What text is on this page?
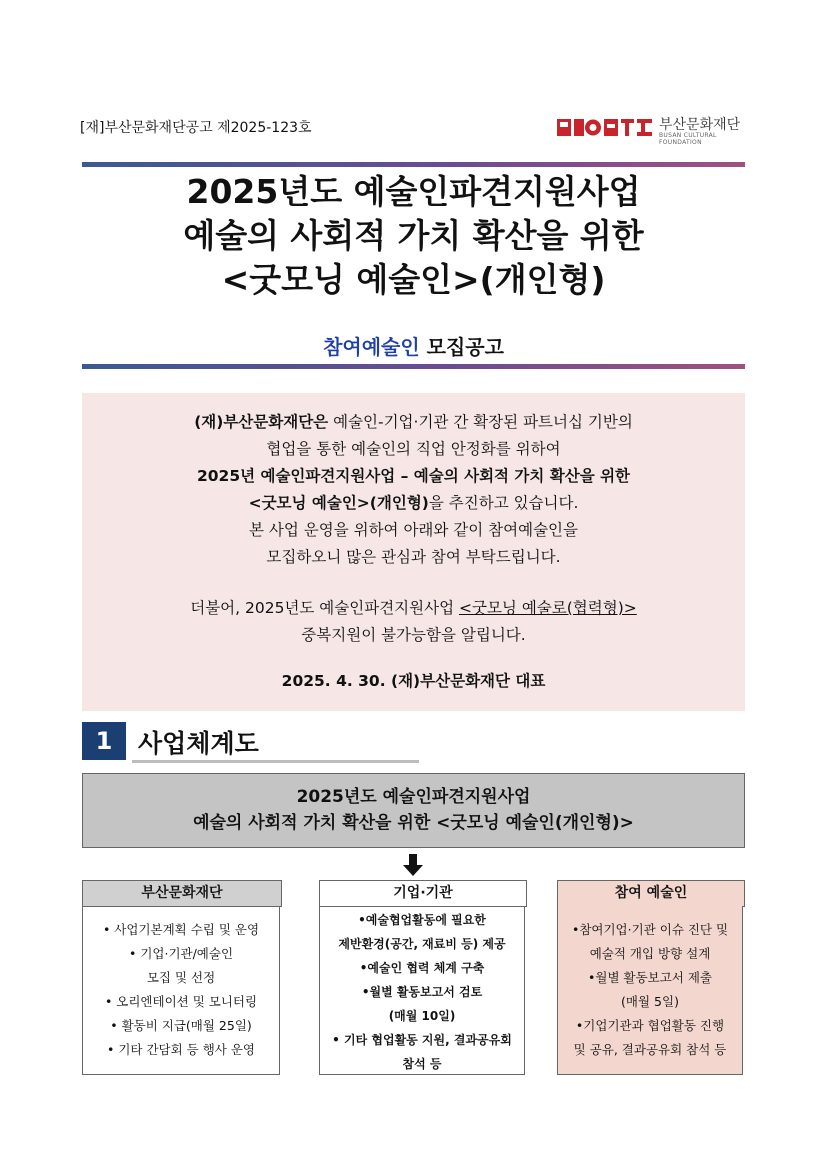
[재]부산문화재단공고 제2025-123호	부산문화재단
BUSAN CULTURAL FOUNDATION
2025년도 예술인파견지원사업
예술의 사회적 가치 확산을 위한
<굿모닝 예술인>(개인형)
참여예술인 모집공고

(재)부산문화재단은 예술인-기업·기관 간 확장된 파트너십 기반의

협업을 통한 예술인의 직업 안정화를 위하여

2025년 예술인파견지원사업 – 예술의 사회적 가치 확산을 위한

<굿모닝 예술인>(개인형)을 추진하고 있습니다.

본 사업 운영을 위하여 아래와 같이 참여예술인을

모집하오니 많은 관심과 참여 부탁드립니다.

더불어, 2025년도 예술인파견지원사업 <굿모닝 예술로(협력형)>

중복지원이 불가능함을 알립니다.

2025. 4. 30. (재)부산문화재단 대표

1	사업체계도

2025년도 예술인파견지원사업

예술의 사회적 가치 확산을 위한 <굿모닝 예술인(개인형)>

부산문화재단
• 사업기본계획 수립 및 운영
• 기업·기관/예술인
모집 및 선정
• 오리엔테이션 및 모니터링
• 활동비 지급(매월 25일)
• 기타 간담회 등 행사 운영
기업·기관
•예술협업활동에 필요한
제반환경(공간, 재료비 등) 제공
•예술인 협력 체계 구축
•월별 활동보고서 검토
(매월 10일)
• 기타 협업활동 지원, 결과공유회
참석 등
참여 예술인
•참여기업·기관 이슈 진단 및
예술적 개입 방향 설계
•월별 활동보고서 제출
(매월 5일)
•기업기관과 협업활동 진행
및 공유, 결과공유회 참석 등
